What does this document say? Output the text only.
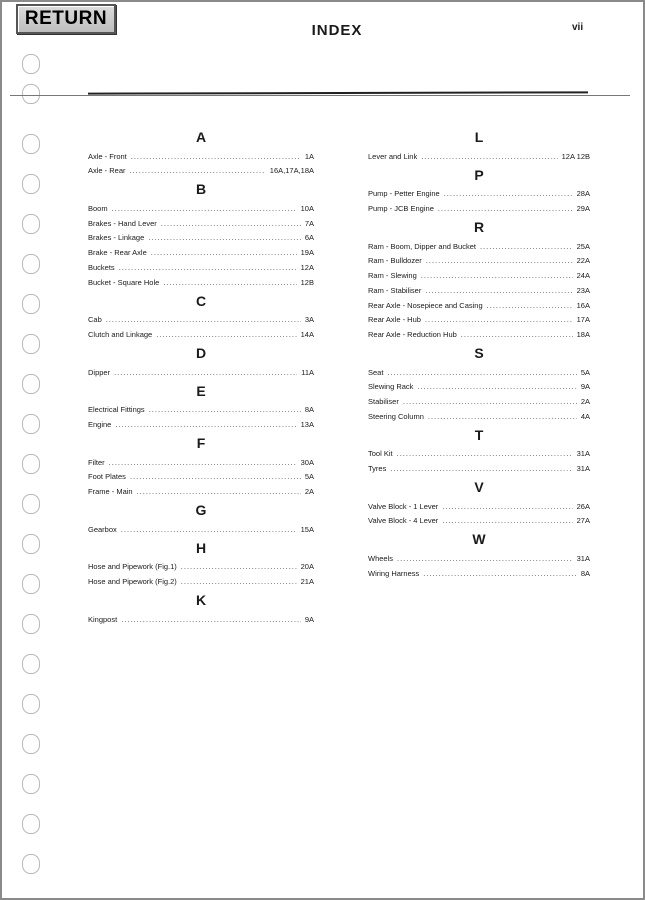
RETURN
INDEX	vii
A
Axle - Front .....	1A
Axle - Rear .....	16A,17A,18A
B
Boom .....	10A
Brakes - Hand Lever .....	7A
Brakes - Linkage .....	6A
Brake - Rear Axle .....	19A
Buckets .....	12A
Bucket - Square Hole .....	12B
C
Cab .....	3A
Clutch and Linkage .....	14A
D
Dipper .....	11A
E
Electrical Fittings .....	8A
Engine .....	13A
F
Filter .....	30A
Foot Plates .....	5A
Frame - Main .....	2A
G
Gearbox .....	15A
H
Hose and Pipework (Fig.1) .....	20A
Hose and Pipework (Fig.2) .....	21A
K
Kingpost .....	9A
L
Lever and Link .....	12A 12B
P
Pump - Petter Engine .....	28A
Pump - JCB Engine .....	29A
R
Ram - Boom, Dipper and Bucket .....	25A
Ram - Bulldozer .....	22A
Ram - Slewing .....	24A
Ram - Stabiliser .....	23A
Rear Axle - Nosepiece and Casing .....	16A
Rear Axle - Hub .....	17A
Rear Axle - Reduction Hub .....	18A
S
Seat .....	5A
Slewing Rack .....	9A
Stabiliser .....	2A
Steering Column .....	4A
T
Tool Kit .....	31A
Tyres .....	31A
V
Valve Block - 1 Lever .....	26A
Valve Block - 4 Lever .....	27A
W
Wheels .....	31A
Wiring Harness .....	8A
